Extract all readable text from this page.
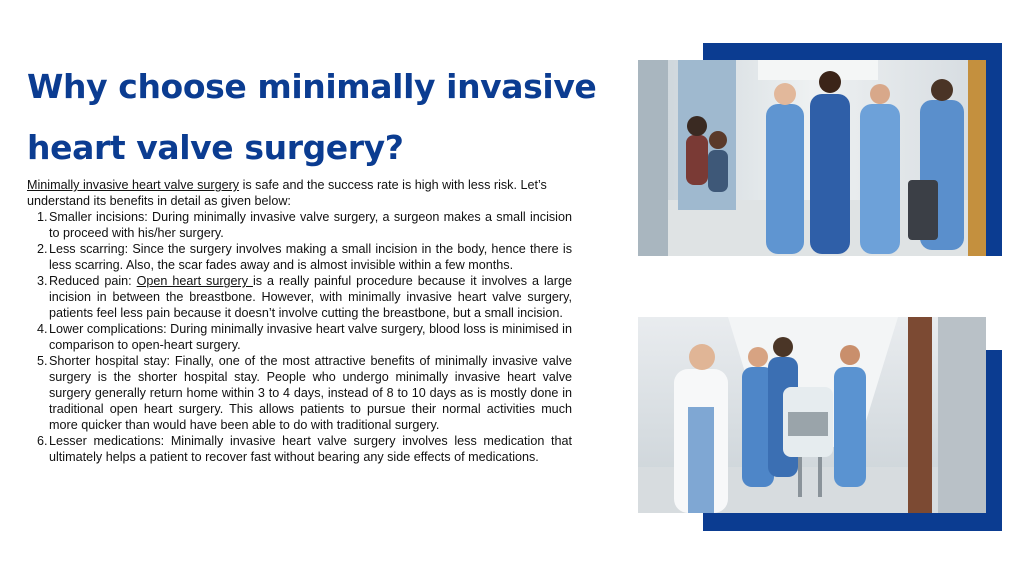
Why choose minimally invasive
heart valve surgery?

Minimally invasive heart valve surgery is safe and the success rate is high with less risk. Let’s understand its benefits in detail as given below:

1. Smaller incisions: During minimally invasive valve surgery, a surgeon makes a small incision to proceed with his/her surgery.
2. Less scarring: Since the surgery involves making a small incision in the body, hence there is less scarring. Also, the scar fades away and is almost invisible within a few months.
3. Reduced pain: Open heart surgery is a really painful procedure because it involves a large incision in between the breastbone. However, with minimally invasive heart valve surgery, patients feel less pain because it doesn’t involve cutting the breastbone, but a small incision.
4. Lower complications: During minimally invasive heart valve surgery, blood loss is minimised in comparison to open-heart surgery.
5. Shorter hospital stay: Finally, one of the most attractive benefits of minimally invasive valve surgery is the shorter hospital stay. People who undergo minimally invasive heart valve surgery generally return home within 3 to 4 days, instead of 8 to 10 days as is mostly done in traditional open heart surgery. This allows patients to pursue their normal activities much more quicker than would have been able to do with traditional surgery.
6. Lesser medications: Minimally invasive heart valve surgery involves less medication that ultimately helps a patient to recover fast without bearing any side effects of medications.
